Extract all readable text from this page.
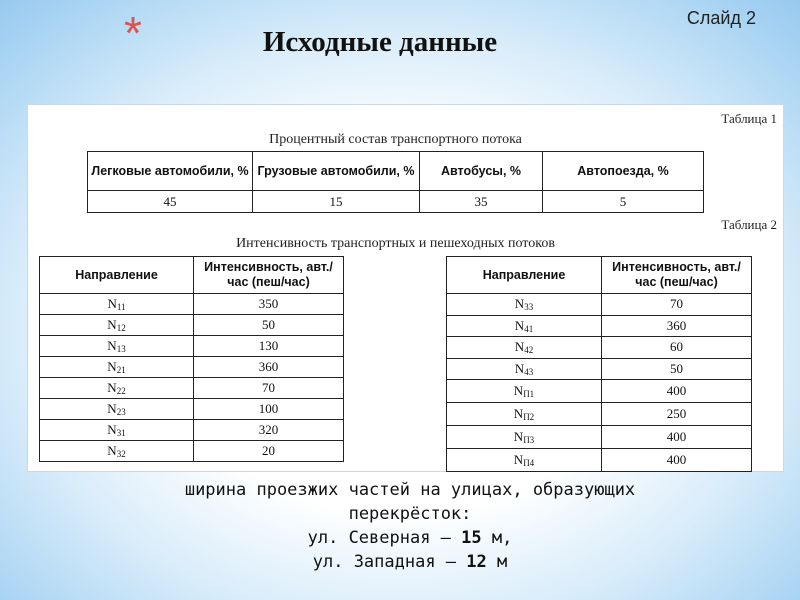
Слайд 2
*	Исходные данные
Таблица 1
Процентный состав транспортного потока
Легковые автомобили, %	Грузовые автомобили, %	Автобусы, %	Автопоезда, %
45	15	35	5
Таблица 2
Интенсивность транспортных и пешеходных потоков
Направление	Интенсивность, авт./час (пеш/час)
$N_{11}$	350
$N_{12}$	50
$N_{13}$	130
$N_{21}$	360
$N_{22}$	70
$N_{23}$	100
$N_{31}$	320
$N_{32}$	20
Направление	Интенсивность, авт./час (пеш/час)
$N_{33}$	70
$N_{41}$	360
$N_{42}$	60
$N_{43}$	50
$N_{П1}$	400
$N_{П2}$	250
$N_{П3}$	400
$N_{П4}$	400
ширина проезжих частей на улицах, образующих
перекрёсток:
ул. Северная – 15 м,
ул. Западная – 12 м
